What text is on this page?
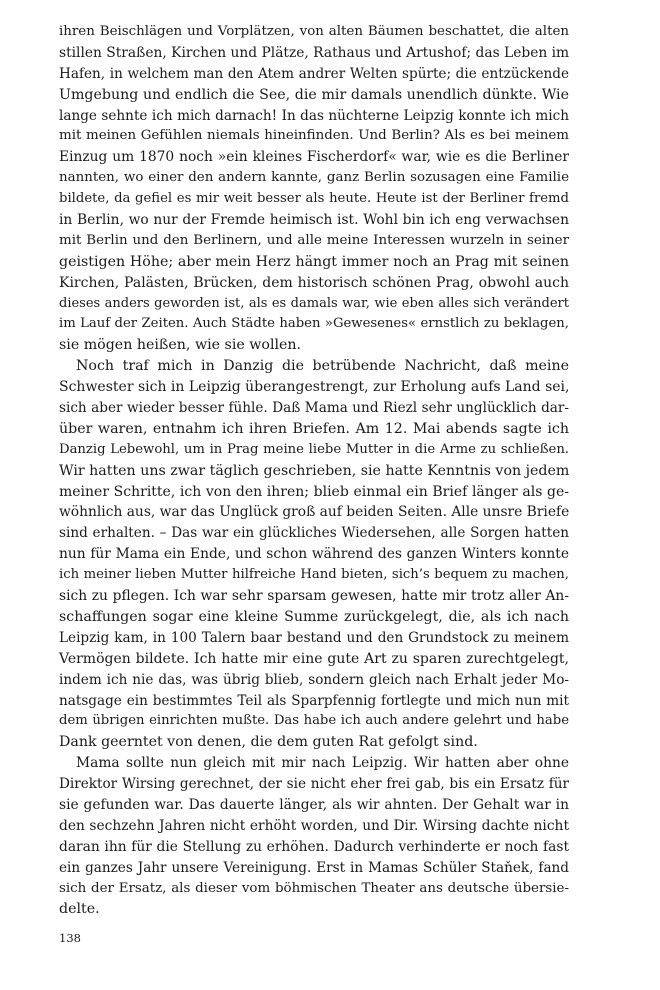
ihren Beischlägen und Vorplätzen, von alten Bäumen beschattet, die alten
stillen Straßen, Kirchen und Plätze, Rathaus und Artushof; das Leben im
Hafen, in welchem man den Atem andrer Welten spürte; die entzückende
Umgebung und endlich die See, die mir damals unendlich dünkte. Wie
lange sehnte ich mich darnach! In das nüchterne Leipzig konnte ich mich
mit meinen Gefühlen niemals hineinfinden. Und Berlin? Als es bei meinem
Einzug um 1870 noch »ein kleines Fischerdorf« war, wie es die Berliner
nannten, wo einer den andern kannte, ganz Berlin sozusagen eine Familie
bildete, da gefiel es mir weit besser als heute. Heute ist der Berliner fremd
in Berlin, wo nur der Fremde heimisch ist. Wohl bin ich eng verwachsen
mit Berlin und den Berlinern, und alle meine Interessen wurzeln in seiner
geistigen Höhe; aber mein Herz hängt immer noch an Prag mit seinen
Kirchen, Palästen, Brücken, dem historisch schönen Prag, obwohl auch
dieses anders geworden ist, als es damals war, wie eben alles sich verändert
im Lauf der Zeiten. Auch Städte haben »Gewesenes« ernstlich zu beklagen,
sie mögen heißen, wie sie wollen.
Noch traf mich in Danzig die betrübende Nachricht, daß meine
Schwester sich in Leipzig überangestrengt, zur Erholung aufs Land sei,
sich aber wieder besser fühle. Daß Mama und Riezl sehr unglücklich dar-
über waren, entnahm ich ihren Briefen. Am 12. Mai abends sagte ich
Danzig Lebewohl, um in Prag meine liebe Mutter in die Arme zu schließen.
Wir hatten uns zwar täglich geschrieben, sie hatte Kenntnis von jedem
meiner Schritte, ich von den ihren; blieb einmal ein Brief länger als ge-
wöhnlich aus, war das Unglück groß auf beiden Seiten. Alle unsre Briefe
sind erhalten. – Das war ein glückliches Wiedersehen, alle Sorgen hatten
nun für Mama ein Ende, und schon während des ganzen Winters konnte
ich meiner lieben Mutter hilfreiche Hand bieten, sich’s bequem zu machen,
sich zu pflegen. Ich war sehr sparsam gewesen, hatte mir trotz aller An-
schaffungen sogar eine kleine Summe zurückgelegt, die, als ich nach
Leipzig kam, in 100 Talern baar bestand und den Grundstock zu meinem
Vermögen bildete. Ich hatte mir eine gute Art zu sparen zurechtgelegt,
indem ich nie das, was übrig blieb, sondern gleich nach Erhalt jeder Mo-
natsgage ein bestimmtes Teil als Sparpfennig fortlegte und mich nun mit
dem übrigen einrichten mußte. Das habe ich auch andere gelehrt und habe
Dank geerntet von denen, die dem guten Rat gefolgt sind.
Mama sollte nun gleich mit mir nach Leipzig. Wir hatten aber ohne
Direktor Wirsing gerechnet, der sie nicht eher frei gab, bis ein Ersatz für
sie gefunden war. Das dauerte länger, als wir ahnten. Der Gehalt war in
den sechzehn Jahren nicht erhöht worden, und Dir. Wirsing dachte nicht
daran ihn für die Stellung zu erhöhen. Dadurch verhinderte er noch fast
ein ganzes Jahr unsere Vereinigung. Erst in Mamas Schüler Staňek, fand
sich der Ersatz, als dieser vom böhmischen Theater ans deutsche übersie-
delte.
138
